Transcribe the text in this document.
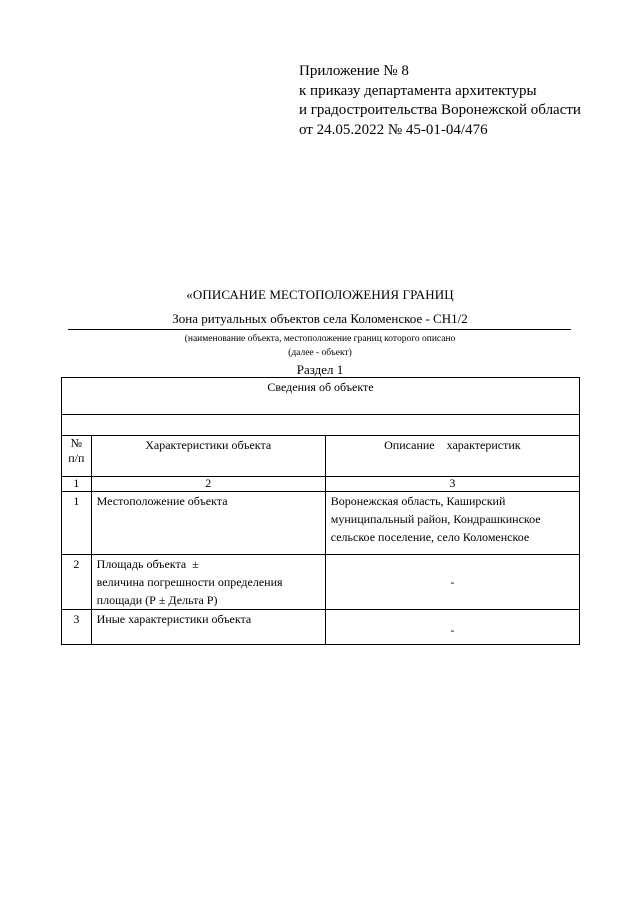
Приложение № 8
к приказу департамента архитектуры
и градостроительства Воронежской области
от 24.05.2022 № 45-01-04/476
«ОПИСАНИЕ МЕСТОПОЛОЖЕНИЯ ГРАНИЦ
Зона ритуальных объектов села Коломенское - СН1/2
(наименование объекта, местоположение границ которого описано
(далее - объект)
Раздел 1
Сведения об объекте		

№
п/п	Характеристики объекта	Описание    характеристик
1	2	3
1	Местоположение объекта	Воронежская область, Каширский муниципальный район, Кондрашкинское сельское поселение, село Коломенское
2	Площадь объекта  ±
величина погрешности определения
площади (Р ± Дельта Р)	-
3	Иные характеристики объекта	-
